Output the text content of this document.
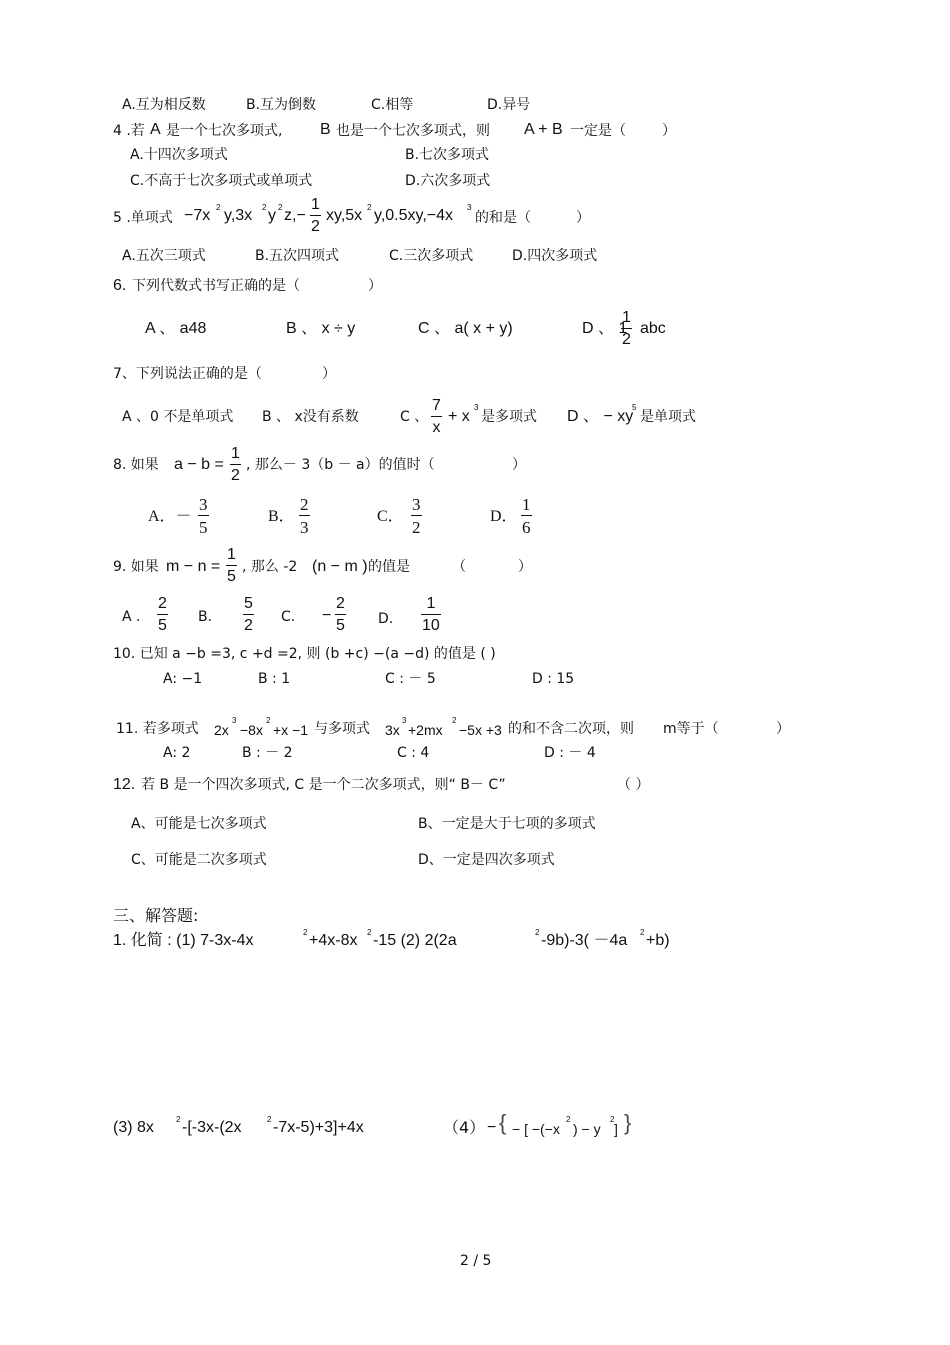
A.互为相反数	B.互为倒数	C.相等	D.异号
4 .若 A 是一个七次多项式, B 也是一个七次多项式，则 A + B 一定是（	）
A.十四次多项式	B.七次多项式
C.不高于七次多项式或单项式	D.六次多项式
5 .单项式 −7x 2 y,3x 2 y 2 z,−
1
2
xy,5x 2 y,0.5xy,−4x 3
的和是（	）
A.五次三项式	B.五次四项式	C.三次多项式	D.四次多项式
6. 下列代数式书写正确的是（	）
A 、 a48	B 、 x ÷ y	C 、 a( x + y)	D 、 1
1
2
abc
7、下列说法正确的是（	）
A 、0 不是单项式 B 、 x没有系数	C 、
7
x
+ x
3
是多项式 D 、 − xy
5
是单项式
8. 如果 a − b =
1
2
, 那么－ 3（b － a）的值时（	）
A．－
3
5
B．
2
3
C．
3
2
D．
1
6
9. 如果 m − n =
1
5
, 那么 -2 (n − m ) 的值是	（	）
A .
2
5 B.
5
2 C. −
2
5 D.
1
10
10. 已知 a −b =3, c +d =2, 则 (b +c) −(a −d) 的值是 ( )
A: −1	B : 1	C : － 5	D : 15
11. 若多项式 2x
3
−8x
2
+x −1 与多项式 3x
3
+2mx
2
−5x +3 的和不含二次项，则 m等于（	）
A: 2	B : － 2	C : 4	D : － 4
12. 若 B 是一个四次多项式, C 是一个二次多项式，则“ B－ C”	（ ）
A、可能是七次多项式	B、一定是大于七项的多项式
C、可能是二次多项式	D、一定是四次多项式
三、解答题:
1. 化简 : (1) 7-3x-4x	2 +4x-8x 2 -15 (2) 2(2a	2 -9b)-3( －4a 2 +b)
(3) 8x	2 -[-3x-(2x	2 -7x-5)+3]+4x	（4） − { − [ −(−x
2
) − y
2
] }
2 / 5
